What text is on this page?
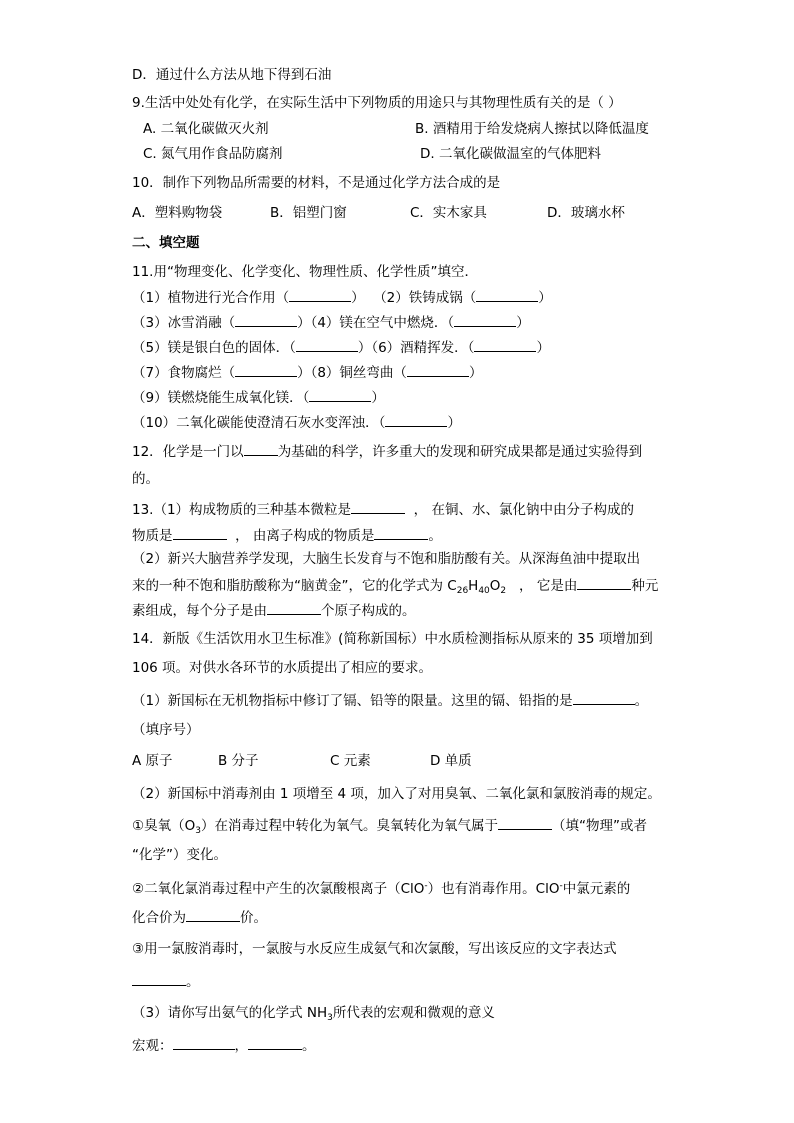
D．通过什么方法从地下得到石油
9.生活中处处有化学，在实际生活中下列物质的用途只与其物理性质有关的是（ ）
A. 二氧化碳做灭火剂	B. 酒精用于给发烧病人擦拭以降低温度
C. 氮气用作食品防腐剂	D. 二氧化碳做温室的气体肥料
10．制作下列物品所需要的材料，不是通过化学方法合成的是
A．塑料购物袋	B．铝塑门窗	C．实木家具	D．玻璃水杯
二、填空题
11.用“物理变化、化学变化、物理性质、化学性质”填空．
（1）植物进行光合作用（	） （2）铁铸成锅（	）
（3）冰雪消融（	）（4）镁在空气中燃烧．（	）
（5）镁是银白色的固体．（	）（6）酒精挥发．（	）
（7）食物腐烂（	）（8）铜丝弯曲（	）
（9）镁燃烧能生成氧化镁．（	）
（10）二氧化碳能使澄清石灰水变浑浊．（	）
12．化学是一门以	为基础的科学，许多重大的发现和研究成果都是通过实验得到
的。
13.（1）构成物质的三种基本微粒是	， 在铜、水、氯化钠中由分子构成的
物质是	， 由离子构成的物质是	。
（2）新兴大脑营养学发现，大脑生长发育与不饱和脂肪酸有关。从深海鱼油中提取出
来的一种不饱和脂肪酸称为“脑黄金”，它的化学式为 $C_{26}H_{40}O_2$ ， 它是由	种元
素组成，每个分子是由	个原子构成的。
14．新版《生活饮用水卫生标准》(简称新国标）中水质检测指标从原来的 35 项增加到
106 项。对供水各环节的水质提出了相应的要求。
（1）新国标在无机物指标中修订了镉、铅等的限量。这里的镉、铅指的是	。
（填序号）
A 原子	B 分子	C 元素	D 单质
（2）新国标中消毒剂由 1 项增至 4 项，加入了对用臭氧、二氧化氯和氯胺消毒的规定。
①臭氧$(O_3)$在消毒过程中转化为氧气。臭氧转化为氧气属于	（填“物理”或者
“化学”）变化。
②二氧化氯消毒过程中产生的次氯酸根离子（ClO-）也有消毒作用。ClO-中氯元素的
化合价为	价。
③用一氯胺消毒时，一氯胺与水反应生成氨气和次氯酸，写出该反应的文字表达式
。
（3）请你写出氨气的化学式 $NH_3$所代表的宏观和微观的意义
宏观：	，	。
